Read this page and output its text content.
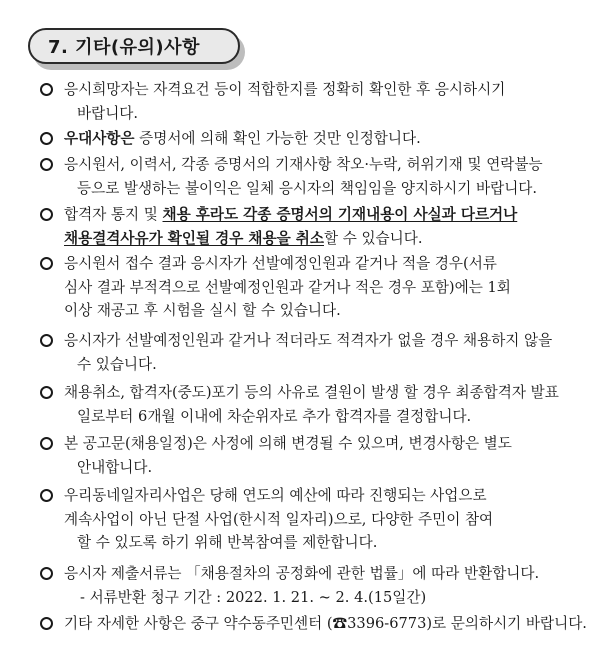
7. 기타(유의)사항
응시희망자는 자격요건 등이 적합한지를 정확히 확인한 후 응시하시기
바랍니다.
우대사항은 증명서에 의해 확인 가능한 것만 인정합니다.
응시원서, 이력서, 각종 증명서의 기재사항 착오·누락, 허위기재 및 연락불능
등으로 발생하는 불이익은 일체 응시자의 책임임을 양지하시기 바랍니다.
합격자 통지 및 채용 후라도 각종 증명서의 기재내용이 사실과 다르거나
채용결격사유가 확인될 경우 채용을 취소할 수 있습니다.
응시원서 접수 결과 응시자가 선발예정인원과 같거나 적을 경우(서류
심사 결과 부적격으로 선발예정인원과 같거나 적은 경우 포함)에는 1회
이상 재공고 후 시험을 실시 할 수 있습니다.
응시자가 선발예정인원과 같거나 적더라도 적격자가 없을 경우 채용하지 않을
수 있습니다.
채용취소, 합격자(중도)포기 등의 사유로 결원이 발생 할 경우 최종합격자 발표
일로부터 6개월 이내에 차순위자로 추가 합격자를 결정합니다.
본 공고문(채용일정)은 사정에 의해 변경될 수 있으며, 변경사항은 별도
안내합니다.
우리동네일자리사업은 당해 연도의 예산에 따라 진행되는 사업으로
계속사업이 아닌 단절 사업(한시적 일자리)으로, 다양한 주민이 참여
할 수 있도록 하기 위해 반복참여를 제한합니다.
응시자 제출서류는 「채용절차의 공정화에 관한 법률」에 따라 반환합니다.
- 서류반환 청구 기간 : 2022. 1. 21. ~ 2. 4.(15일간)
기타 자세한 사항은 중구 약수동주민센터 (☎3396-6773)로 문의하시기 바랍니다.
